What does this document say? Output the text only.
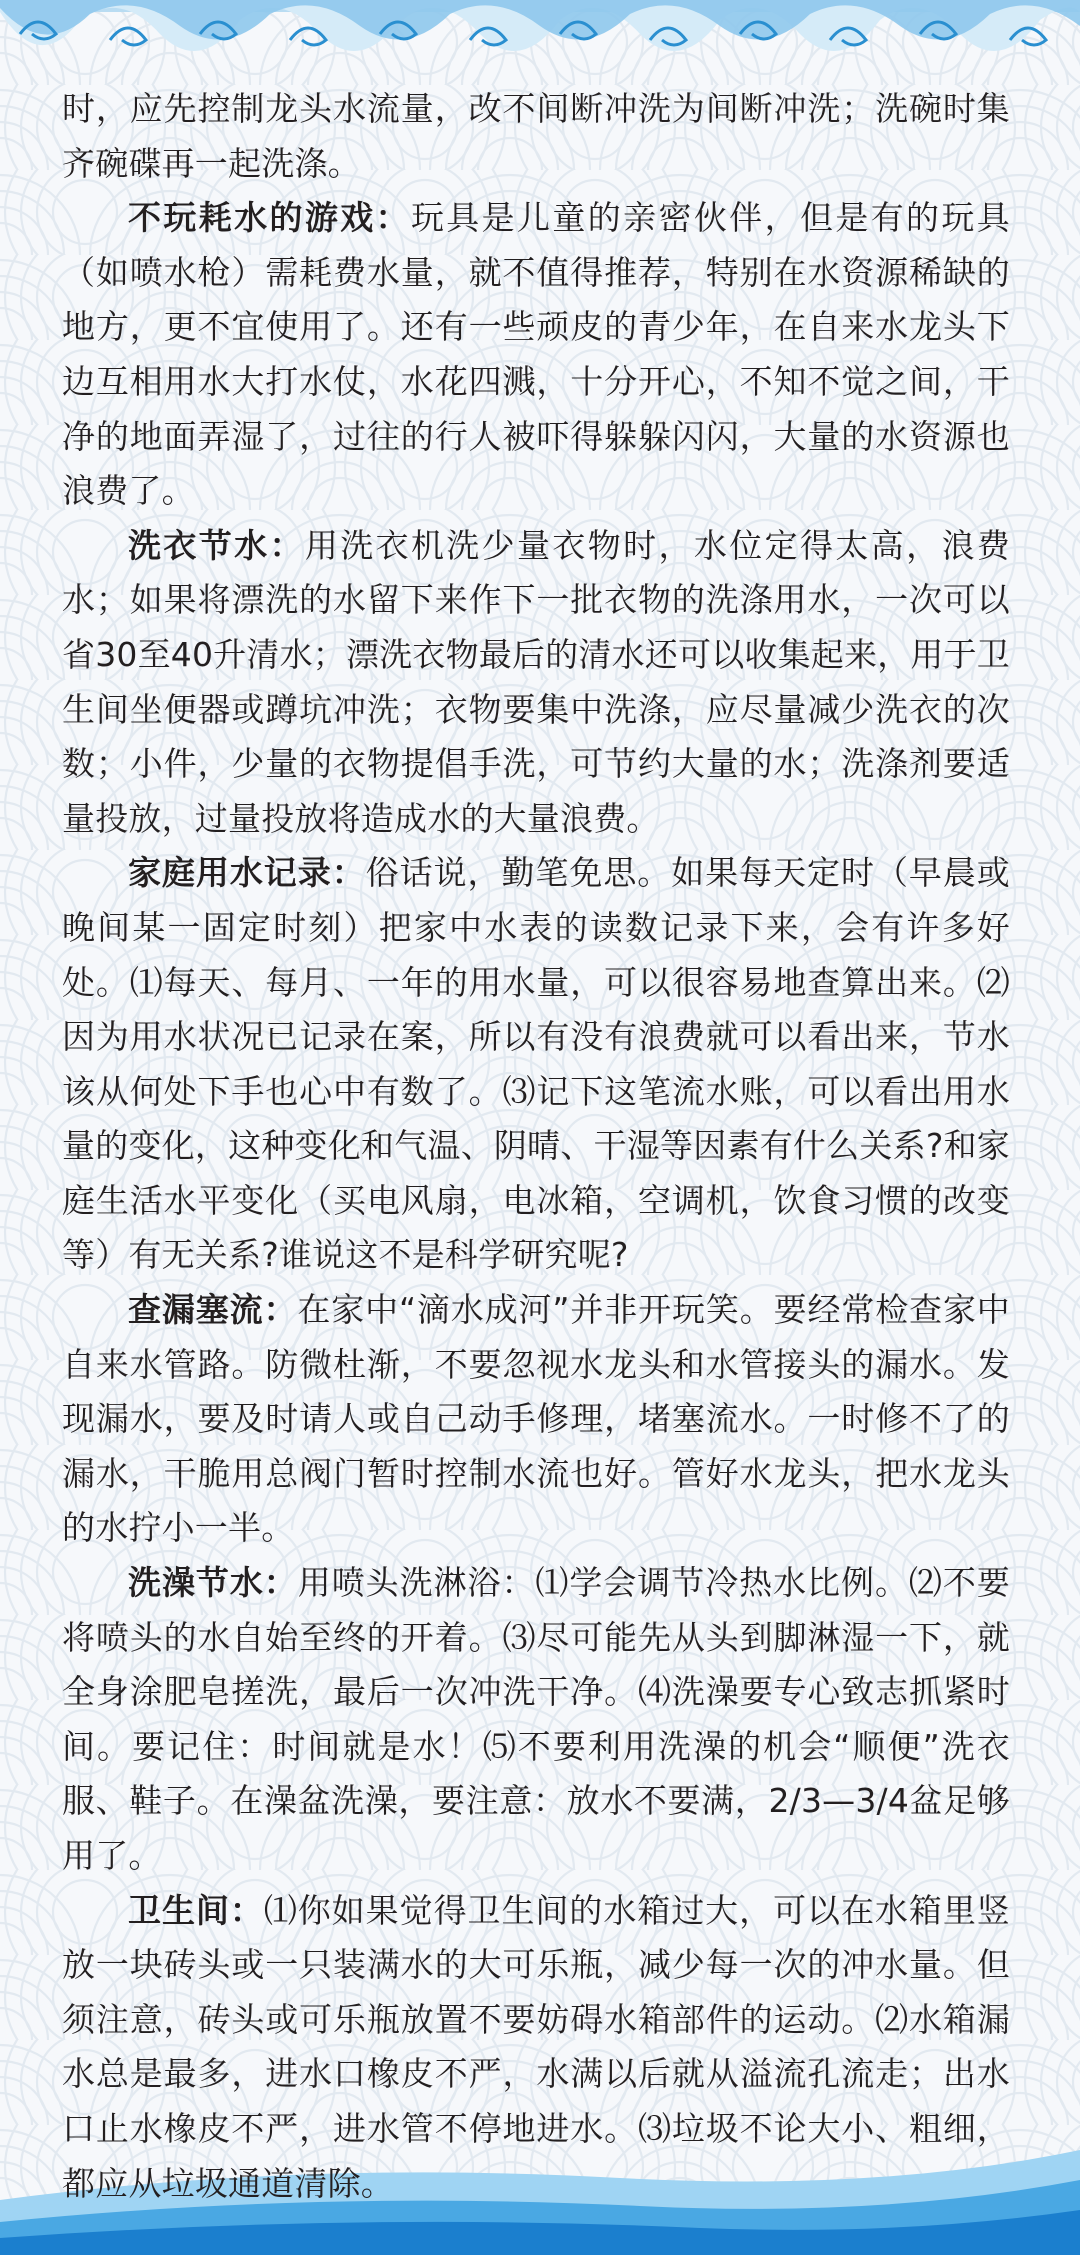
时，应先控制龙头水流量，改不间断冲洗为间断冲洗；洗碗时集齐碗碟再一起洗涤。

不玩耗水的游戏：玩具是儿童的亲密伙伴，但是有的玩具（如喷水枪）需耗费水量，就不值得推荐，特别在水资源稀缺的地方，更不宜使用了。还有一些顽皮的青少年，在自来水龙头下边互相用水大打水仗，水花四溅，十分开心，不知不觉之间，干净的地面弄湿了，过往的行人被吓得躲躲闪闪，大量的水资源也浪费了。

洗衣节水：用洗衣机洗少量衣物时，水位定得太高，浪费水；如果将漂洗的水留下来作下一批衣物的洗涤用水，一次可以省30至40升清水；漂洗衣物最后的清水还可以收集起来，用于卫生间坐便器或蹲坑冲洗；衣物要集中洗涤，应尽量减少洗衣的次数；小件，少量的衣物提倡手洗，可节约大量的水；洗涤剂要适量投放，过量投放将造成水的大量浪费。

家庭用水记录：俗话说，勤笔免思。如果每天定时（早晨或晚间某一固定时刻）把家中水表的读数记录下来，会有许多好处。⑴每天、每月、一年的用水量，可以很容易地查算出来。⑵因为用水状况已记录在案，所以有没有浪费就可以看出来，节水该从何处下手也心中有数了。⑶记下这笔流水账，可以看出用水量的变化，这种变化和气温、阴晴、干湿等因素有什么关系?和家庭生活水平变化（买电风扇，电冰箱，空调机，饮食习惯的改变等）有无关系?谁说这不是科学研究呢?

查漏塞流：在家中“滴水成河”并非开玩笑。要经常检查家中自来水管路。防微杜渐，不要忽视水龙头和水管接头的漏水。发现漏水，要及时请人或自己动手修理，堵塞流水。一时修不了的漏水，干脆用总阀门暂时控制水流也好。管好水龙头，把水龙头的水拧小一半。

洗澡节水：用喷头洗淋浴：⑴学会调节冷热水比例。⑵不要将喷头的水自始至终的开着。⑶尽可能先从头到脚淋湿一下，就全身涂肥皂搓洗，最后一次冲洗干净。⑷洗澡要专心致志抓紧时间。要记住：时间就是水！⑸不要利用洗澡的机会“顺便”洗衣服、鞋子。在澡盆洗澡，要注意：放水不要满，2/3—3/4盆足够用了。

卫生间：⑴你如果觉得卫生间的水箱过大，可以在水箱里竖放一块砖头或一只装满水的大可乐瓶，减少每一次的冲水量。但须注意，砖头或可乐瓶放置不要妨碍水箱部件的运动。⑵水箱漏水总是最多，进水口橡皮不严，水满以后就从溢流孔流走；出水口止水橡皮不严，进水管不停地进水。⑶垃圾不论大小、粗细，都应从垃圾通道清除。
